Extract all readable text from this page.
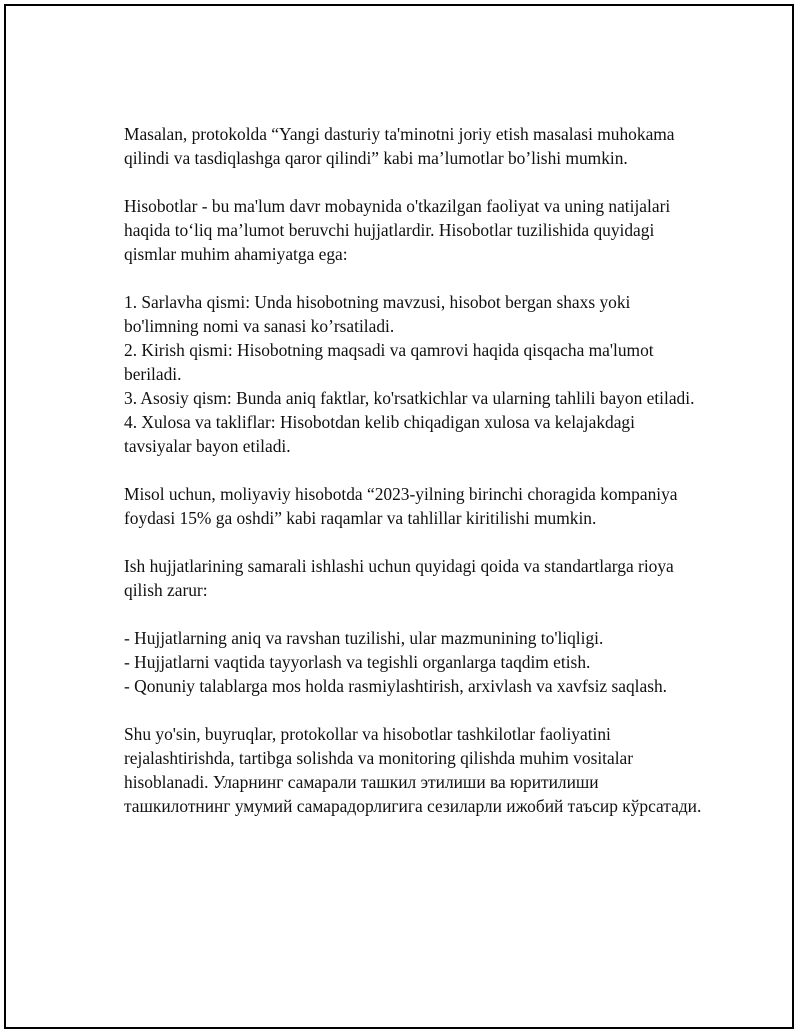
Masalan, protokolda “Yangi dasturiy ta'minotni joriy etish masalasi muhokama qilindi va tasdiqlashga qaror qilindi” kabi ma’lumotlar bo’lishi mumkin.

Hisobotlar - bu ma'lum davr mobaynida o'tkazilgan faoliyat va uning natijalari haqida to‘liq ma’lumot beruvchi hujjatlardir. Hisobotlar tuzilishida quyidagi qismlar muhim ahamiyatga ega:

1. Sarlavha qismi: Unda hisobotning mavzusi, hisobot bergan shaxs yoki bo'limning nomi va sanasi ko’rsatiladi.

2. Kirish qismi: Hisobotning maqsadi va qamrovi haqida qisqacha ma'lumot beriladi.

3. Asosiy qism: Bunda aniq faktlar, ko'rsatkichlar va ularning tahlili bayon etiladi.

4. Xulosa va takliflar: Hisobotdan kelib chiqadigan xulosa va kelajakdagi tavsiyalar bayon etiladi.

Misol uchun, moliyaviy hisobotda “2023-yilning birinchi choragida kompaniya foydasi 15% ga oshdi” kabi raqamlar va tahlillar kiritilishi mumkin.

Ish hujjatlarining samarali ishlashi uchun quyidagi qoida va standartlarga rioya qilish zarur:

- Hujjatlarning aniq va ravshan tuzilishi, ular mazmunining to'liqligi.

- Hujjatlarni vaqtida tayyorlash va tegishli organlarga taqdim etish.

- Qonuniy talablarga mos holda rasmiylashtirish, arxivlash va xavfsiz saqlash.

Shu yo'sin, buyruqlar, protokollar va hisobotlar tashkilotlar faoliyatini rejalashtirishda, tartibga solishda va monitoring qilishda muhim vositalar hisoblanadi. Уларнинг самарали ташкил этилиши ва юритилиши ташкилотнинг умумий самарадорлигига сезиларли ижобий таъсир кўрсатади.
